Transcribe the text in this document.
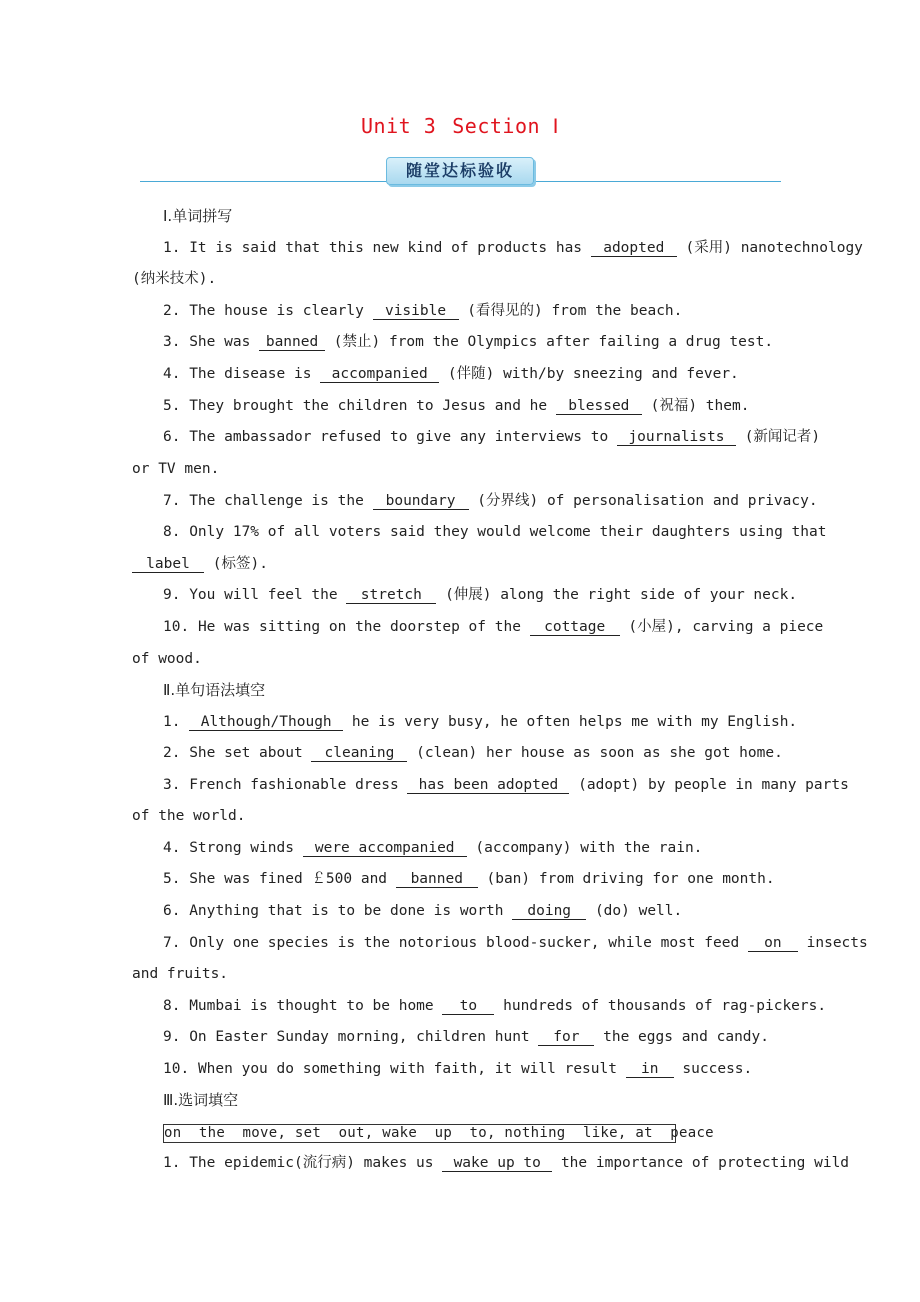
Unit 3 Section Ⅰ
随堂达标验收
Ⅰ.单词拼写
1. It is said that this new kind of products has adopted (采用) nanotechnology
(纳米技术).
2. The house is clearly visible (看得见的) from the beach.
3. She was banned (禁止) from the Olympics after failing a drug test.
4. The disease is accompanied (伴随) with/by sneezing and fever.
5. They brought the children to Jesus and he blessed (祝福) them.
6. The ambassador refused to give any interviews to journalists (新闻记者)
or TV men.
7. The challenge is the boundary (分界线) of personalisation and privacy.
8. Only 17% of all voters said they would welcome their daughters using that
label (标签).
9. You will feel the stretch (伸展) along the right side of your neck.
10. He was sitting on the doorstep of the cottage (小屋), carving a piece
of wood.
Ⅱ.单句语法填空
1. Although/Though he is very busy, he often helps me with my English.
2. She set about cleaning (clean) her house as soon as she got home.
3. French fashionable dress has been adopted (adopt) by people in many parts
of the world.
4. Strong winds were accompanied (accompany) with the rain.
5. She was fined ￡500 and banned (ban) from driving for one month.
6. Anything that is to be done is worth doing (do) well.
7. Only one species is the notorious blood-sucker, while most feed on insects
and fruits.
8. Mumbai is thought to be home to hundreds of thousands of rag-pickers.
9. On Easter Sunday morning, children hunt for the eggs and candy.
10. When you do something with faith, it will result in success.
Ⅲ.选词填空
on  the  move, set  out, wake  up  to, nothing  like, at  peace
1. The epidemic(流行病) makes us wake up to the importance of protecting wild
